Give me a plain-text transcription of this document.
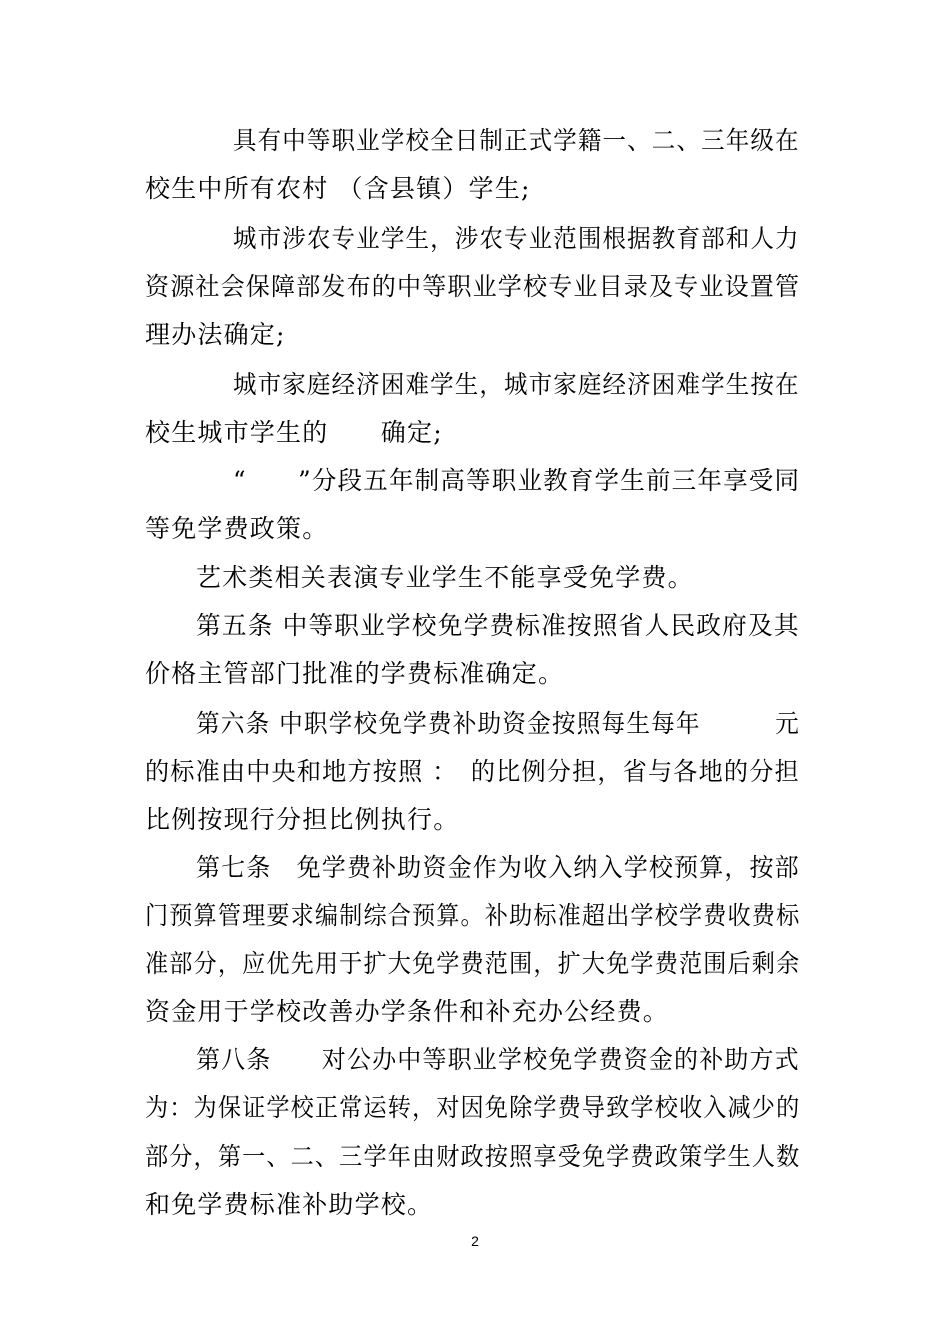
具有中等职业学校全日制正式学籍一、二、三年级在
校生中所有农村 （含县镇）学生;
城市涉农专业学生，涉农专业范围根据教育部和人力
资源社会保障部发布的中等职业学校专业目录及专业设置管
理办法确定;
城市家庭经济困难学生，城市家庭经济困难学生按在
校生城市学生的　　确定;
“　　”分段五年制高等职业教育学生前三年享受同
等免学费政策。
艺术类相关表演专业学生不能享受免学费。
第五条 中等职业学校免学费标准按照省人民政府及其
价格主管部门批准的学费标准确定。
第六条 中职学校免学费补助资金按照每生每年　　　元
的标准由中央和地方按照 ：　的比例分担，省与各地的分担
比例按现行分担比例执行。
第七条　免学费补助资金作为收入纳入学校预算，按部
门预算管理要求编制综合预算。补助标准超出学校学费收费标
准部分，应优先用于扩大免学费范围，扩大免学费范围后剩余
资金用于学校改善办学条件和补充办公经费。
第八条　　对公办中等职业学校免学费资金的补助方式
为：为保证学校正常运转，对因免除学费导致学校收入减少的
部分，第一、二、三学年由财政按照享受免学费政策学生人数
和免学费标准补助学校。
2
